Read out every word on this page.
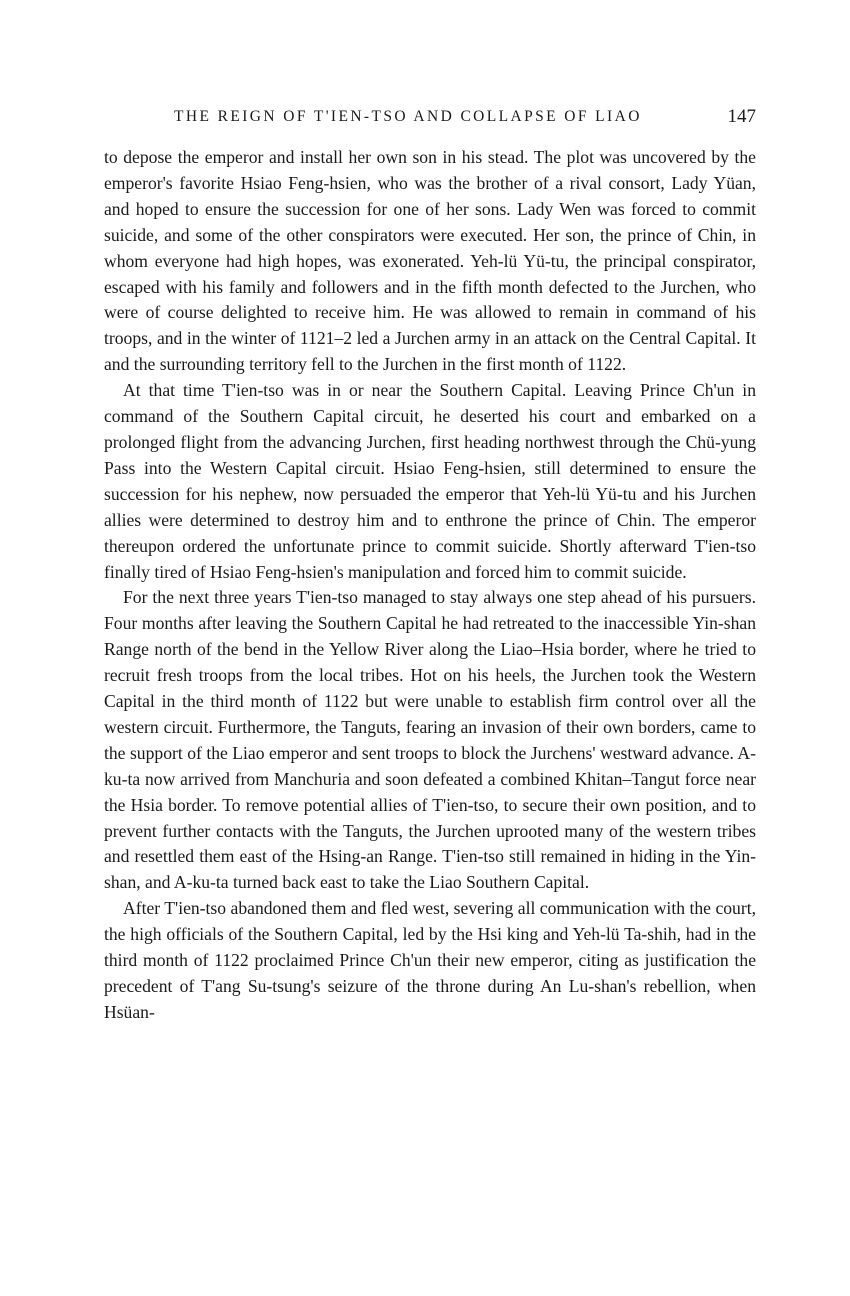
THE REIGN OF T'IEN-TSO AND COLLAPSE OF LIAO	147

to depose the emperor and install her own son in his stead. The plot was uncovered by the emperor's favorite Hsiao Feng-hsien, who was the brother of a rival consort, Lady Yüan, and hoped to ensure the succession for one of her sons. Lady Wen was forced to commit suicide, and some of the other conspirators were executed. Her son, the prince of Chin, in whom everyone had high hopes, was exonerated. Yeh-lü Yü-tu, the principal conspirator, escaped with his family and followers and in the fifth month defected to the Jurchen, who were of course delighted to receive him. He was allowed to remain in command of his troops, and in the winter of 1121–2 led a Jurchen army in an attack on the Central Capital. It and the surrounding territory fell to the Jurchen in the first month of 1122.

At that time T'ien-tso was in or near the Southern Capital. Leaving Prince Ch'un in command of the Southern Capital circuit, he deserted his court and embarked on a prolonged flight from the advancing Jurchen, first heading northwest through the Chü-yung Pass into the Western Capital circuit. Hsiao Feng-hsien, still determined to ensure the succession for his nephew, now persuaded the emperor that Yeh-lü Yü-tu and his Jurchen allies were determined to destroy him and to enthrone the prince of Chin. The emperor thereupon ordered the unfortunate prince to commit suicide. Shortly afterward T'ien-tso finally tired of Hsiao Feng-hsien's manipulation and forced him to commit suicide.

For the next three years T'ien-tso managed to stay always one step ahead of his pursuers. Four months after leaving the Southern Capital he had retreated to the inaccessible Yin-shan Range north of the bend in the Yellow River along the Liao–Hsia border, where he tried to recruit fresh troops from the local tribes. Hot on his heels, the Jurchen took the Western Capital in the third month of 1122 but were unable to establish firm control over all the western circuit. Furthermore, the Tanguts, fearing an invasion of their own borders, came to the support of the Liao emperor and sent troops to block the Jurchens' westward advance. A-ku-ta now arrived from Manchuria and soon defeated a combined Khitan–Tangut force near the Hsia border. To remove potential allies of T'ien-tso, to secure their own position, and to prevent further contacts with the Tanguts, the Jurchen uprooted many of the western tribes and resettled them east of the Hsing-an Range. T'ien-tso still remained in hiding in the Yin-shan, and A-ku-ta turned back east to take the Liao Southern Capital.

After T'ien-tso abandoned them and fled west, severing all communication with the court, the high officials of the Southern Capital, led by the Hsi king and Yeh-lü Ta-shih, had in the third month of 1122 proclaimed Prince Ch'un their new emperor, citing as justification the precedent of T'ang Su-tsung's seizure of the throne during An Lu-shan's rebellion, when Hsüan-
